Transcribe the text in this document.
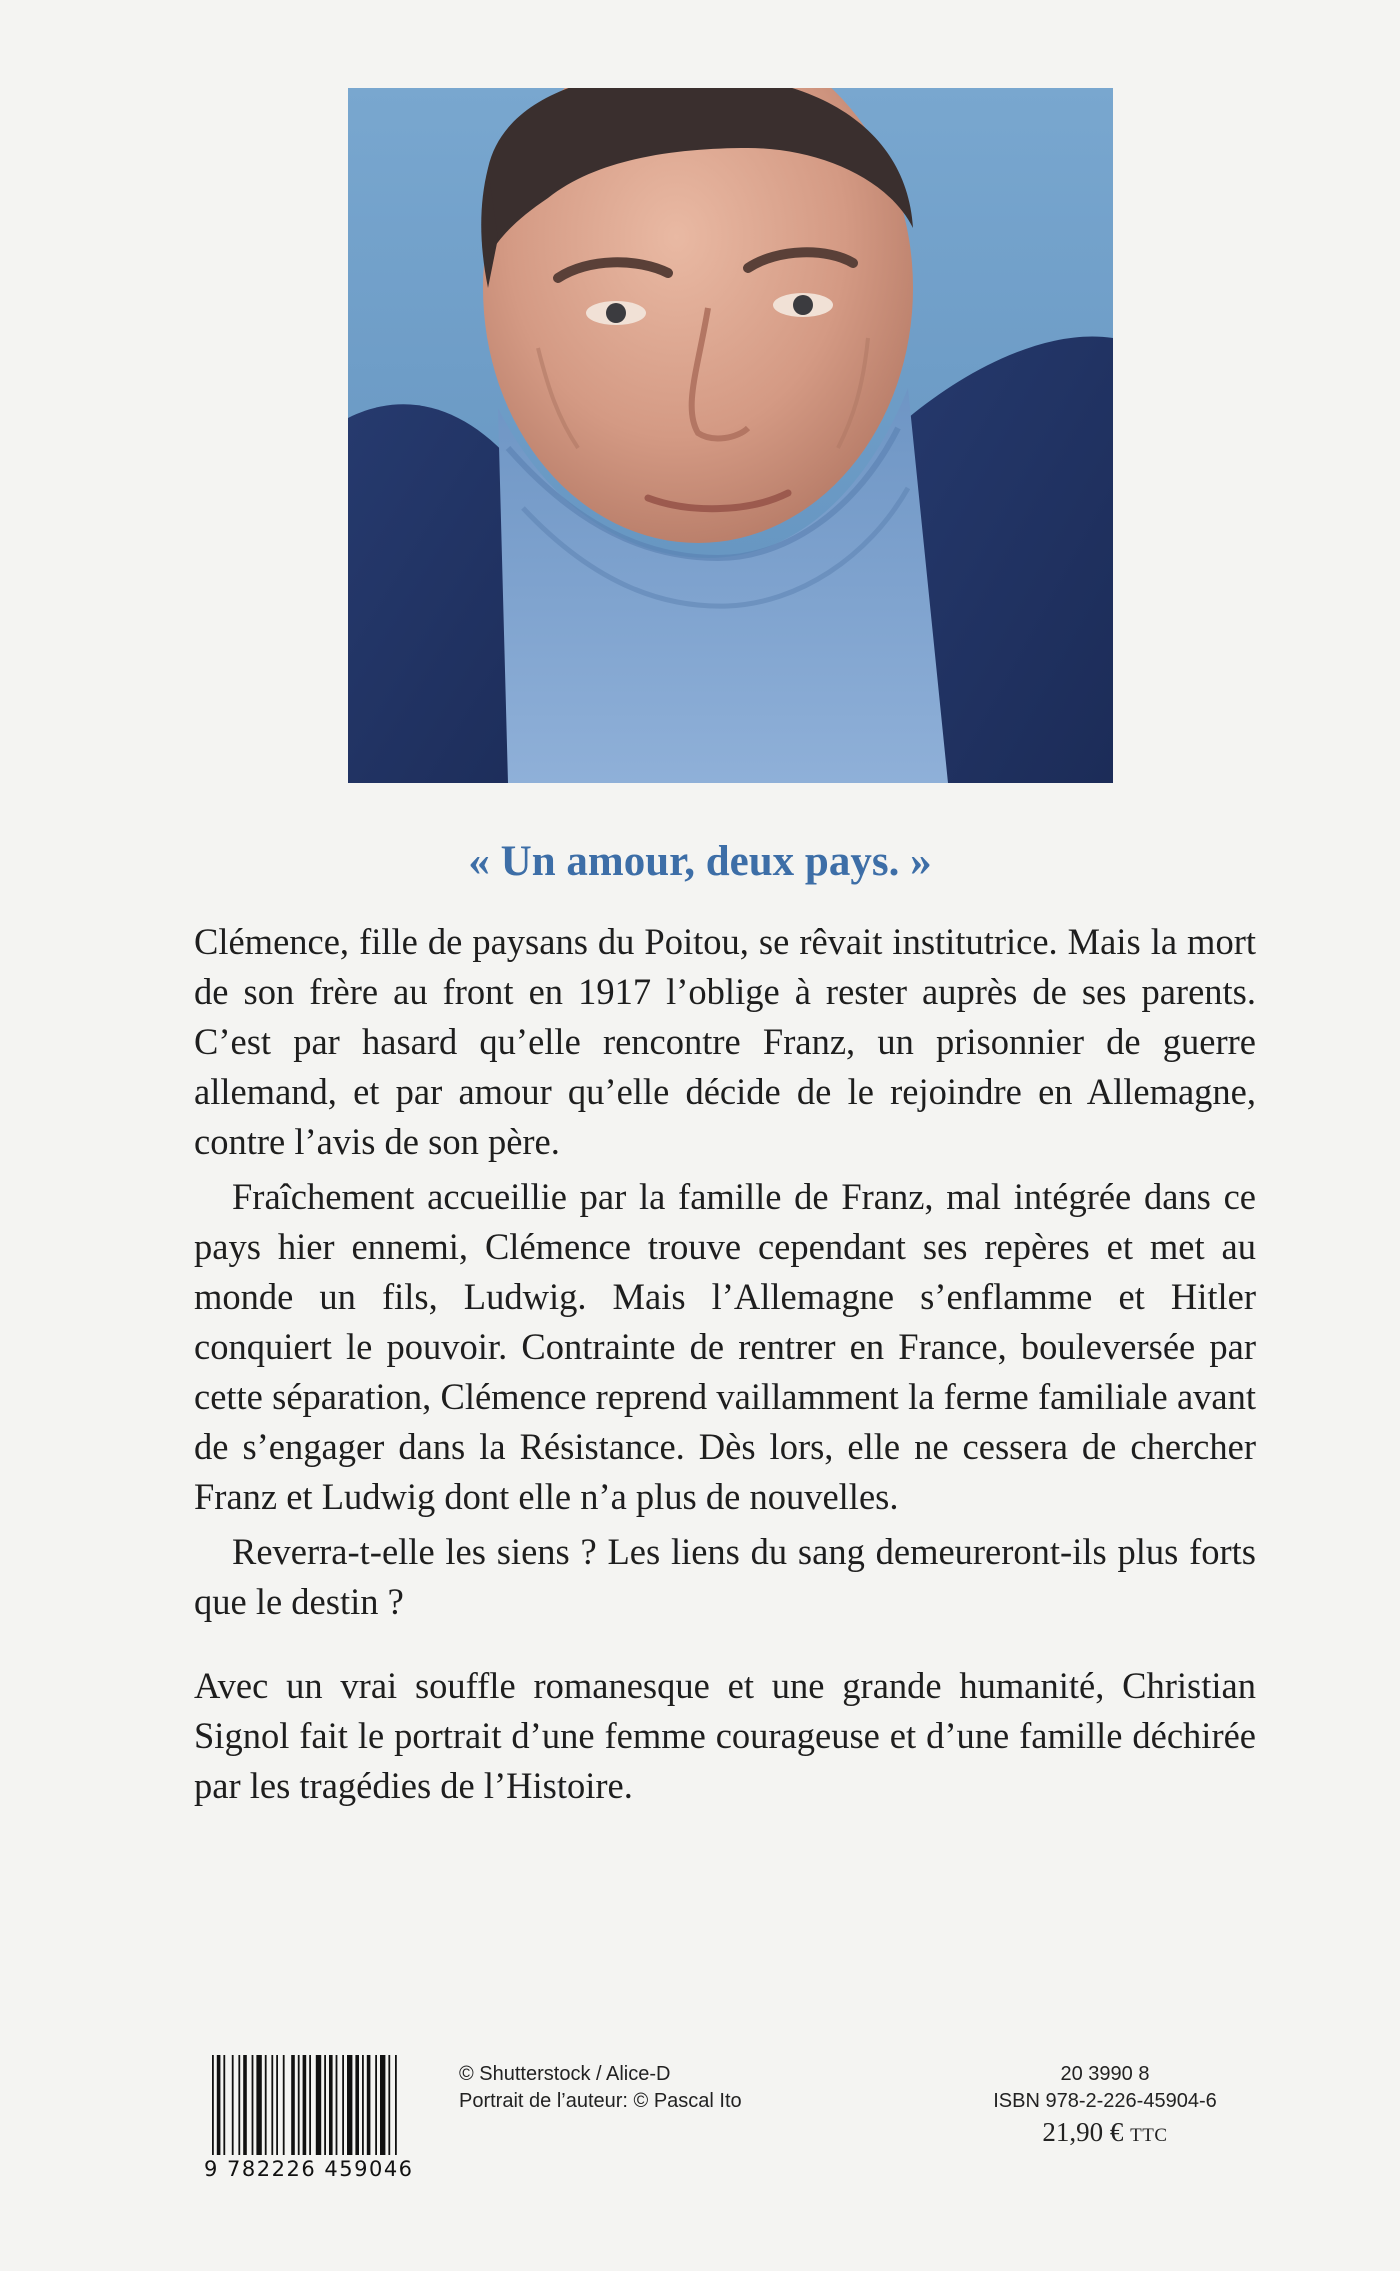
« Un amour, deux pays. »

Clémence, fille de paysans du Poitou, se rêvait institutrice. Mais la mort de son frère au front en 1917 l’oblige à rester auprès de ses parents. C’est par hasard qu’elle rencontre Franz, un prisonnier de guerre allemand, et par amour qu’elle décide de le rejoindre en Allemagne, contre l’avis de son père.

Fraîchement accueillie par la famille de Franz, mal intégrée dans ce pays hier ennemi, Clémence trouve cependant ses repères et met au monde un fils, Ludwig. Mais l’Allemagne s’enflamme et Hitler conquiert le pouvoir. Contrainte de rentrer en France, bouleversée par cette séparation, Clémence reprend vaillamment la ferme familiale avant de s’engager dans la Résistance. Dès lors, elle ne cessera de chercher Franz et Ludwig dont elle n’a plus de nouvelles.

Reverra-t-elle les siens ? Les liens du sang demeureront-ils plus forts que le destin ?

Avec un vrai souffle romanesque et une grande humanité, Christian Signol fait le portrait d’une femme courageuse et d’une famille déchirée par les tragédies de l’Histoire.

9 782226 459046
© Shutterstock / Alice-D
Portrait de l’auteur: © Pascal Ito
20 3990 8
ISBN 978-2-226-45904-6
21,90 € TTC
